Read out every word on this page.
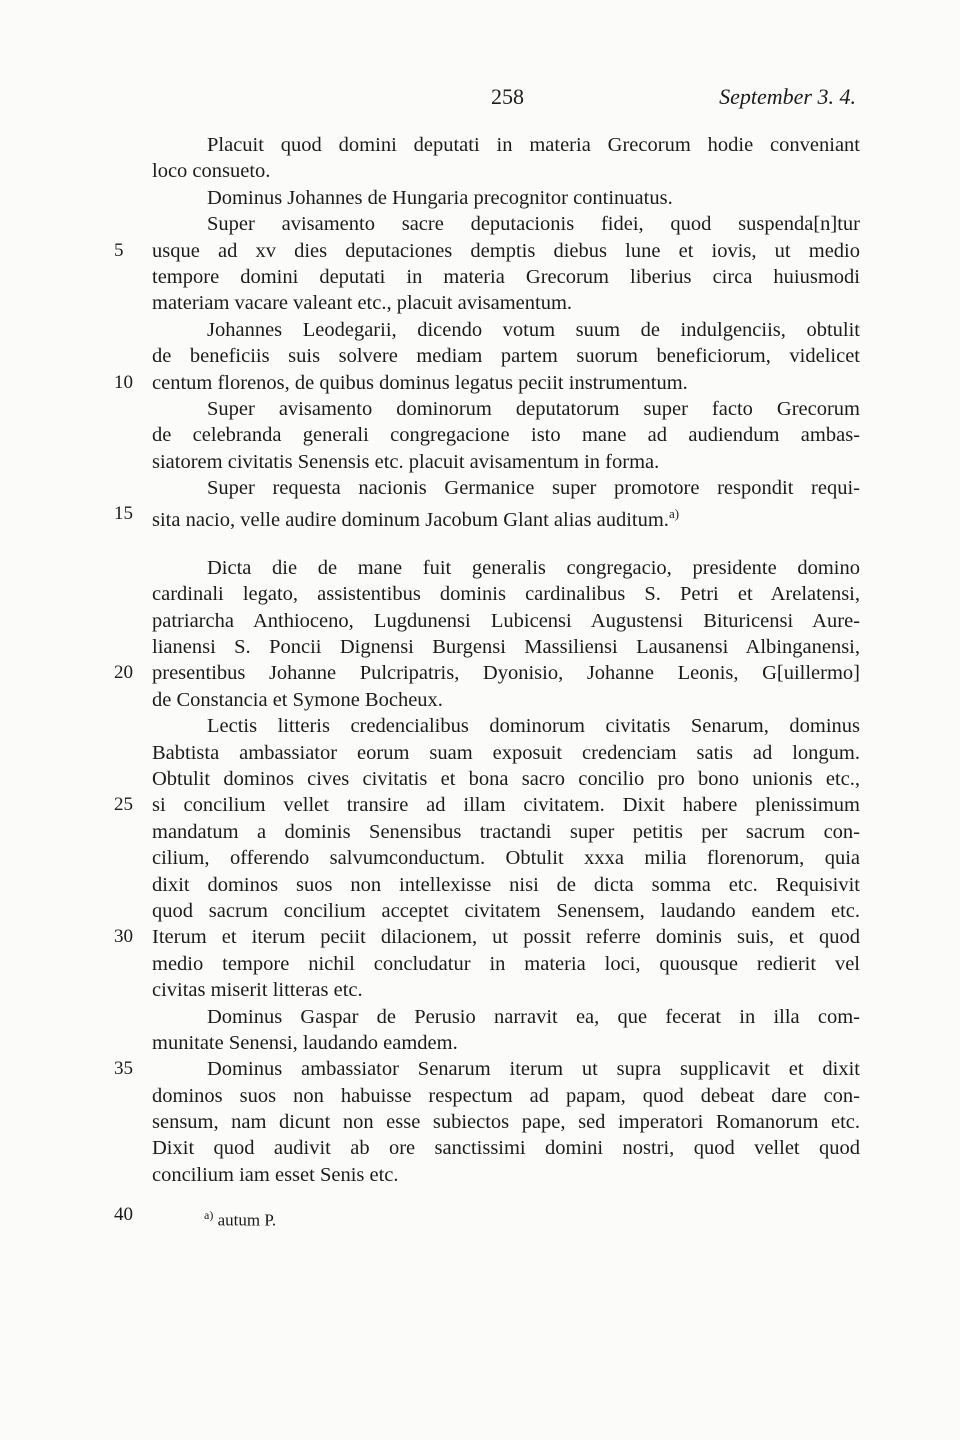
258	September 3. 4.
Placuit quod domini deputati in materia Grecorum hodie conveniant
loco consueto.
Dominus Johannes de Hungaria precognitor continuatus.
Super avisamento sacre deputacionis fidei, quod suspenda[n]tur
5	usque ad xv dies deputaciones demptis diebus lune et iovis, ut medio
tempore domini deputati in materia Grecorum liberius circa huiusmodi
materiam vacare valeant etc., placuit avisamentum.
Johannes Leodegarii, dicendo votum suum de indulgenciis, obtulit
de beneficiis suis solvere mediam partem suorum beneficiorum, videlicet
10 centum florenos, de quibus dominus legatus peciit instrumentum.
Super avisamento dominorum deputatorum super facto Grecorum
de celebranda generali congregacione isto mane ad audiendum ambas-
siatorem civitatis Senensis etc. placuit avisamentum in forma.
Super requesta nacionis Germanice super promotore respondit requi-
15 sita nacio, velle audire dominum Jacobum Glant alias auditum.$^{a)}$
Dicta die de mane fuit generalis congregacio, presidente domino
cardinali legato, assistentibus dominis cardinalibus S. Petri et Arelatensi,
patriarcha Anthioceno, Lugdunensi Lubicensi Augustensi Bituricensi Aure-
lianensi S. Poncii Dignensi Burgensi Massiliensi Lausanensi Albinganensi,
20 presentibus Johanne Pulcripatris, Dyonisio, Johanne Leonis, G[uillermo]
de Constancia et Symone Bocheux.
Lectis litteris credencialibus dominorum civitatis Senarum, dominus
Babtista ambassiator eorum suam exposuit credenciam satis ad longum.
Obtulit dominos cives civitatis et bona sacro concilio pro bono unionis etc.,
25 si concilium vellet transire ad illam civitatem. Dixit habere plenissimum
mandatum a dominis Senensibus tractandi super petitis per sacrum con-
cilium, offerendo salvumconductum. Obtulit xxxa milia florenorum, quia
dixit dominos suos non intellexisse nisi de dicta somma etc. Requisivit
quod sacrum concilium acceptet civitatem Senensem, laudando eandem etc.
30 Iterum et iterum peciit dilacionem, ut possit referre dominis suis, et quod
medio tempore nichil concludatur in materia loci, quousque redierit vel
civitas miserit litteras etc.
Dominus Gaspar de Perusio narravit ea, que fecerat in illa com-
munitate Senensi, laudando eamdem.
35	Dominus ambassiator Senarum iterum ut supra supplicavit et dixit
dominos suos non habuisse respectum ad papam, quod debeat dare con-
sensum, nam dicunt non esse subiectos pape, sed imperatori Romanorum etc.
Dixit quod audivit ab ore sanctissimi domini nostri, quod vellet quod
concilium iam esset Senis etc.
40	$^{a)}$ autum P.
